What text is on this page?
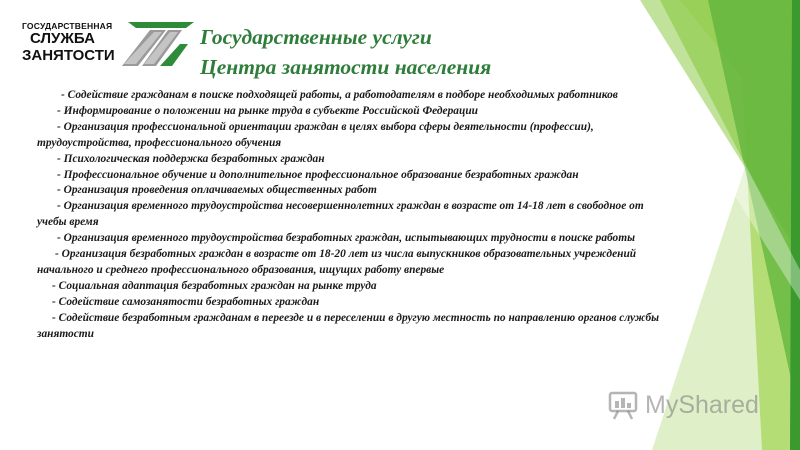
ГОСУДАРСТВЕННАЯ
СЛУЖБА
ЗАНЯТОСТИ
Государственные услуги
Центра занятости населения

- Содействие гражданам в поиске подходящей работы, а работодателям в подборе необходимых работников

- Информирование о положении на рынке труда в субъекте Российской Федерации

- Организация профессиональной ориентации граждан в целях выбора сферы деятельности (профессии), трудоустройства, профессионального обучения

- Психологическая поддержка безработных граждан

- Профессиональное обучение и дополнительное профессиональное образование безработных граждан

- Организация проведения оплачиваемых общественных работ

- Организация временного трудоустройства несовершеннолетних граждан в возрасте от 14-18 лет в свободное от учебы время

- Организация временного трудоустройства безработных граждан, испытывающих трудности в поиске работы

- Организация безработных граждан в возрасте от 18-20 лет из числа выпускников образовательных учреждений начального и среднего профессионального образования, ищущих работу впервые

- Социальная адаптация безработных граждан на рынке труда

- Содействие самозанятости безработных граждан

- Содействие безработным гражданам в переезде и в переселении в другую местность по направлению органов службы занятости

MyShared
